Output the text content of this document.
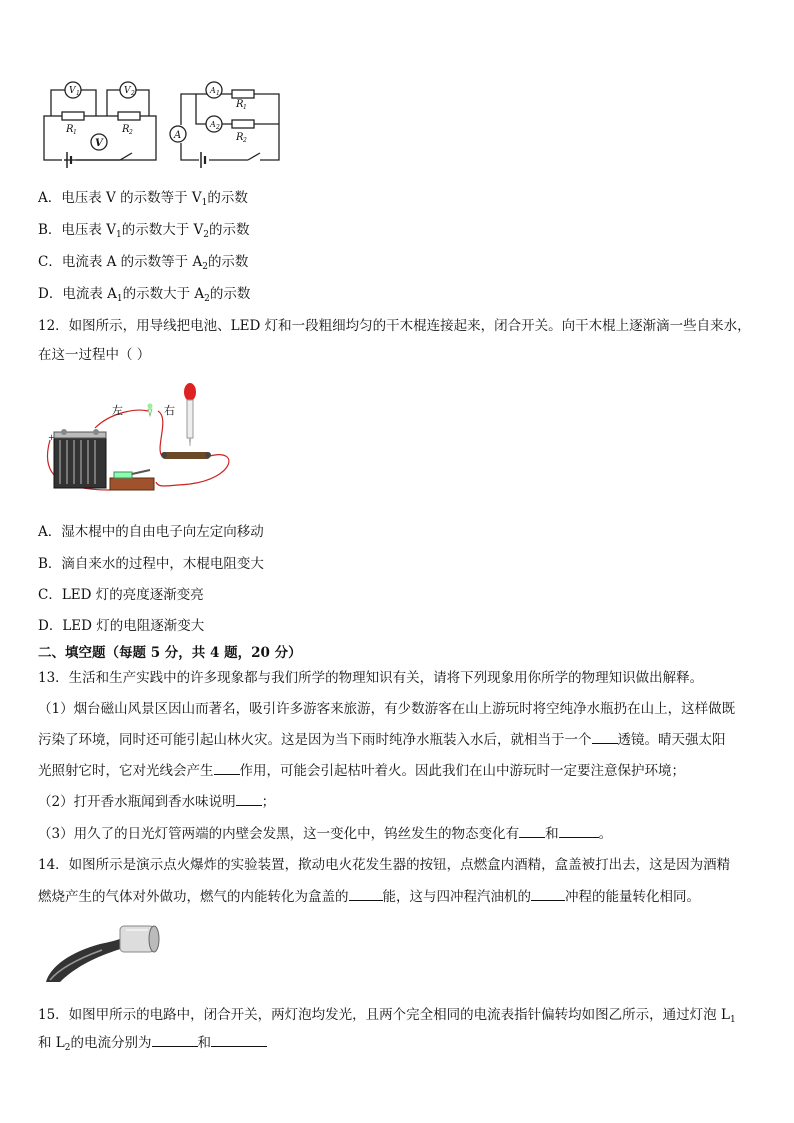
V 1	V 2
R 1	R 2
V
A 1
A 2
R 1
R 2
A
A．电压表 V 的示数等于 $V_1$的示数
B．电压表 $V_1$的示数大于 $V_2$的示数
C．电流表 A 的示数等于 $A_2$的示数
D．电流表 $A_1$的示数大于 $A_2$的示数
12．如图所示，用导线把电池、LED 灯和一段粗细均匀的干木棍连接起来，闭合开关。向干木棍上逐渐滴一些自来水，
在这一过程中（ ）
+
左	右
A．湿木棍中的自由电子向左定向移动
B．滴自来水的过程中，木棍电阻变大
C．LED 灯的亮度逐渐变亮
D．LED 灯的电阻逐渐变大
二、填空题（每题 5 分，共 4 题，20 分）
13．生活和生产实践中的许多现象都与我们所学的物理知识有关，请将下列现象用你所学的物理知识做出解释。
（1）烟台磁山风景区因山而著名，吸引许多游客来旅游，有少数游客在山上游玩时将空纯净水瓶扔在山上，这样做既
污染了环境，同时还可能引起山林火灾。这是因为当下雨时纯净水瓶装入水后，就相当于一个 透镜。晴天强太阳
光照射它时，它对光线会产生 作用，可能会引起枯叶着火。因此我们在山中游玩时一定要注意保护环境；
（2）打开香水瓶闻到香水味说明 ；
（3）用久了的日光灯管两端的内壁会发黑，这一变化中，钨丝发生的物态变化有 和	。
14．如图所示是演示点火爆炸的实验装置，揿动电火花发生器的按钮，点燃盒内酒精，盒盖被打出去，这是因为酒精
燃烧产生的气体对外做功，燃气的内能转化为盒盖的	能，这与四冲程汽油机的	冲程的能量转化相同。
15．如图甲所示的电路中，闭合开关，两灯泡均发光，且两个完全相同的电流表指针偏转均如图乙所示，通过灯泡 $L_1$
和 $L_2$的电流分别为	和
